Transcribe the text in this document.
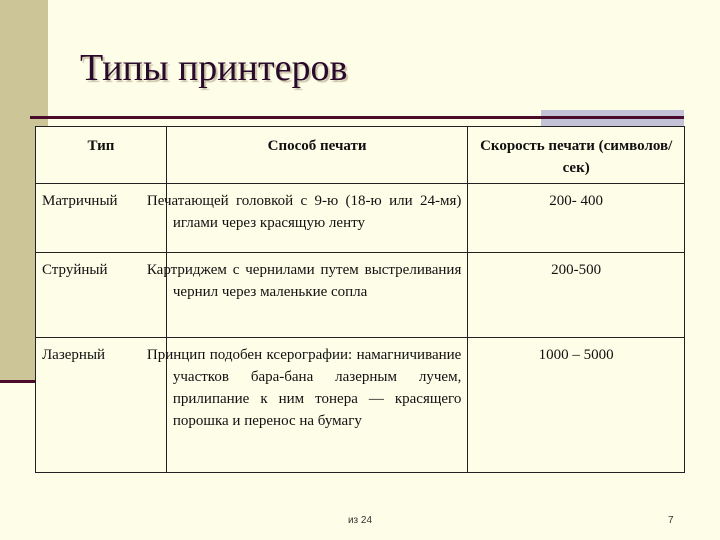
Типы принтеров
Тип	Способ печати	Скорость печати (символов/сек)
Матричный	Печатающей головкой с 9-ю (18-ю или 24-мя) иглами через красящую ленту	200- 400
Струйный	Картриджем с чернилами путем выстреливания чернил через маленькие сопла	200-500
Лазерный	Принцип подобен ксерографии: намагничивание участков бара-бана лазерным лучем, прилипание к ним тонера — красящего порошка и перенос на бумагу	1000 – 5000
из 24	7
